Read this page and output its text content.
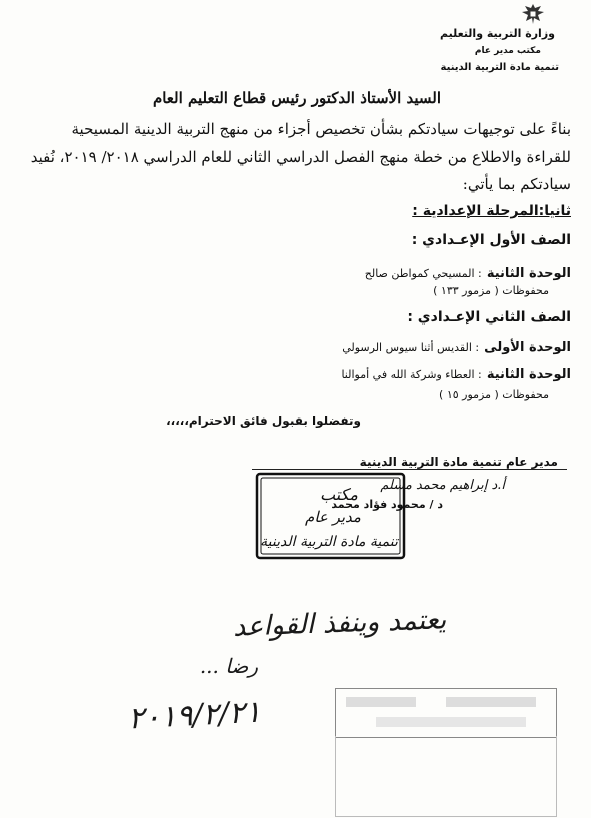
وزارة التربية والتعليم
مكتب مدير عام
تنمية مادة التربية الدينية
السيد الأستاذ الدكتور رئيس قطاع التعليم العام
بناءً على توجيهات سيادتكم بشأن تخصيص أجزاء من منهج التربية الدينية المسيحية
للقراءة والاطلاع من خطة منهج الفصل الدراسي الثاني للعام الدراسي ٢٠١٨/ ٢٠١٩، نُفيد
سيادتكم بما يأتي:
ثانيا:المرحلة الإعدادية :
الصف الأول الإعـدادي :
الوحدة الثانية : المسيحي كمواطن صالح
محفوظات ( مزمور ١٣٣ )
الصف الثاني الإعـدادي :
الوحدة الأولى : القديس أثنا سيوس الرسولي
الوحدة الثانية : العطاء وشركة الله في أموالنا
محفوظات ( مزمور ١٥ )
وتفضلوا بقبول فائق الاحترام،،،،،
مدير عام تنمية مادة التربية الدينية
أ.د إبراهيم محمد مسلم
د / محمود فؤاد محمد
مكتب
مدير عام
تنمية مادة التربية الدينية
يعتمد وينفذ القواعد
رضا ...
٢٠١٩/٢/٢١
